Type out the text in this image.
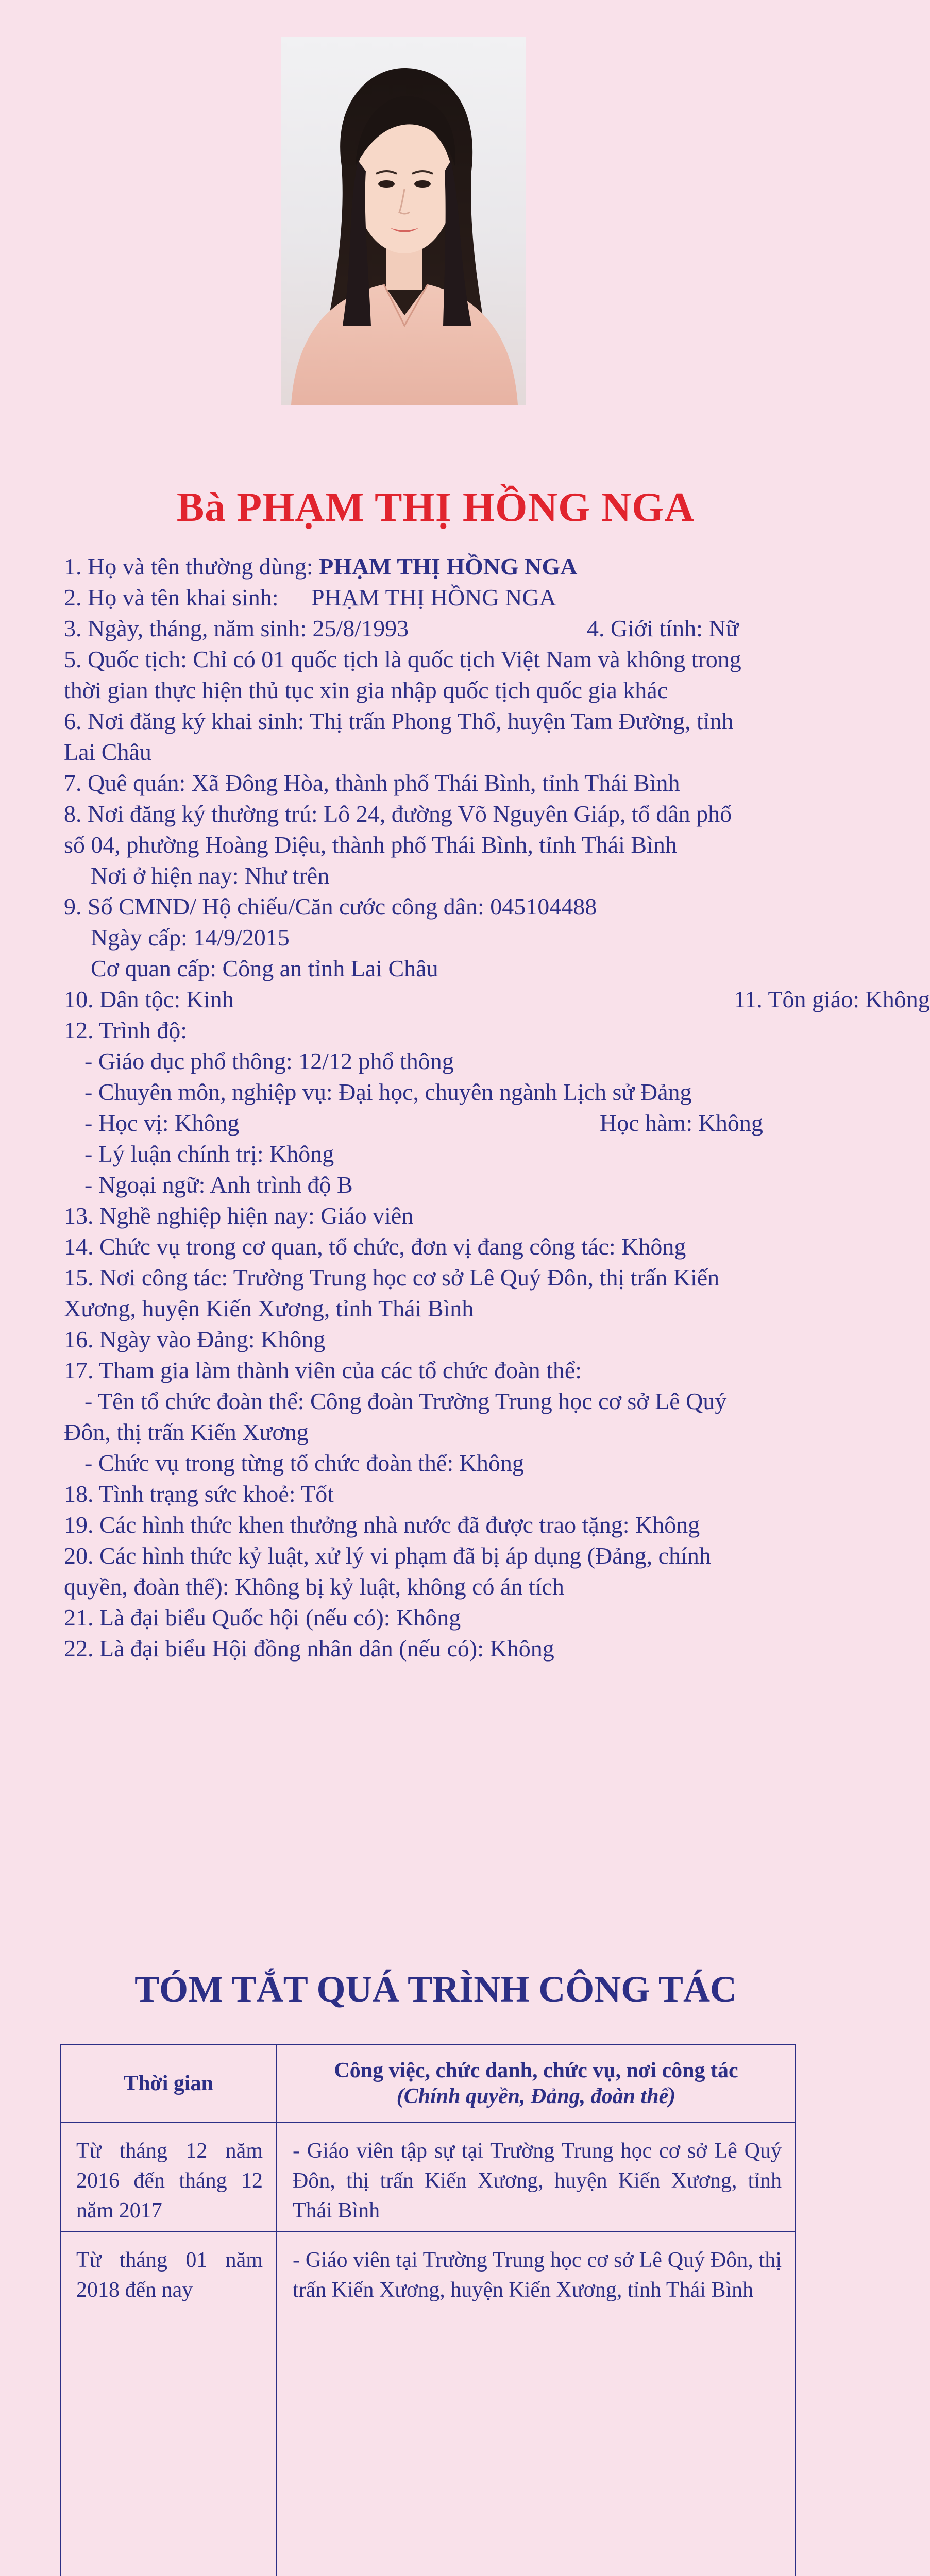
Bà PHẠM THỊ HỒNG NGA
1. Họ và tên thường dùng: PHẠM THỊ HỒNG NGA
2. Họ và tên khai sinh: PHẠM THỊ HỒNG NGA
3. Ngày, tháng, năm sinh: 25/8/1993	4. Giới tính: Nữ
5. Quốc tịch: Chỉ có 01 quốc tịch là quốc tịch Việt Nam và không trong
thời gian thực hiện thủ tục xin gia nhập quốc tịch quốc gia khác
6. Nơi đăng ký khai sinh: Thị trấn Phong Thổ, huyện Tam Đường, tỉnh
Lai Châu
7. Quê quán: Xã Đông Hòa, thành phố Thái Bình, tỉnh Thái Bình
8. Nơi đăng ký thường trú: Lô 24, đường Võ Nguyên Giáp, tổ dân phố
số 04, phường Hoàng Diệu, thành phố Thái Bình, tỉnh Thái Bình
Nơi ở hiện nay: Như trên
9. Số CMND/ Hộ chiếu/Căn cước công dân: 045104488
Ngày cấp: 14/9/2015
Cơ quan cấp: Công an tỉnh Lai Châu
10. Dân tộc: Kinh	11. Tôn giáo: Không
12. Trình độ:
- Giáo dục phổ thông: 12/12 phổ thông
- Chuyên môn, nghiệp vụ: Đại học, chuyên ngành Lịch sử Đảng
- Học vị: Không	Học hàm: Không
- Lý luận chính trị: Không
- Ngoại ngữ: Anh trình độ B
13. Nghề nghiệp hiện nay: Giáo viên
14. Chức vụ trong cơ quan, tổ chức, đơn vị đang công tác: Không
15. Nơi công tác: Trường Trung học cơ sở Lê Quý Đôn, thị trấn Kiến
Xương, huyện Kiến Xương, tỉnh Thái Bình
16. Ngày vào Đảng: Không
17. Tham gia làm thành viên của các tổ chức đoàn thể:
- Tên tổ chức đoàn thể: Công đoàn Trường Trung học cơ sở Lê Quý
Đôn, thị trấn Kiến Xương
- Chức vụ trong từng tổ chức đoàn thể: Không
18. Tình trạng sức khoẻ: Tốt
19. Các hình thức khen thưởng nhà nước đã được trao tặng: Không
20. Các hình thức kỷ luật, xử lý vi phạm đã bị áp dụng (Đảng, chính
quyền, đoàn thể): Không bị kỷ luật, không có án tích
21. Là đại biểu Quốc hội (nếu có): Không
22. Là đại biểu Hội đồng nhân dân (nếu có): Không
TÓM TẮT QUÁ TRÌNH CÔNG TÁC
Thời gian	Công việc, chức danh, chức vụ, nơi công tác
(Chính quyền, Đảng, đoàn thể)

Từ tháng 12 năm 2016 đến tháng 12 năm 2017	- Giáo viên tập sự tại Trường Trung học cơ sở Lê Quý Đôn, thị trấn Kiến Xương, huyện Kiến Xương, tỉnh Thái Bình
Từ tháng 01 năm 2018 đến nay	- Giáo viên tại Trường Trung học cơ sở Lê Quý Đôn, thị trấn Kiến Xương, huyện Kiến Xương, tỉnh Thái Bình
